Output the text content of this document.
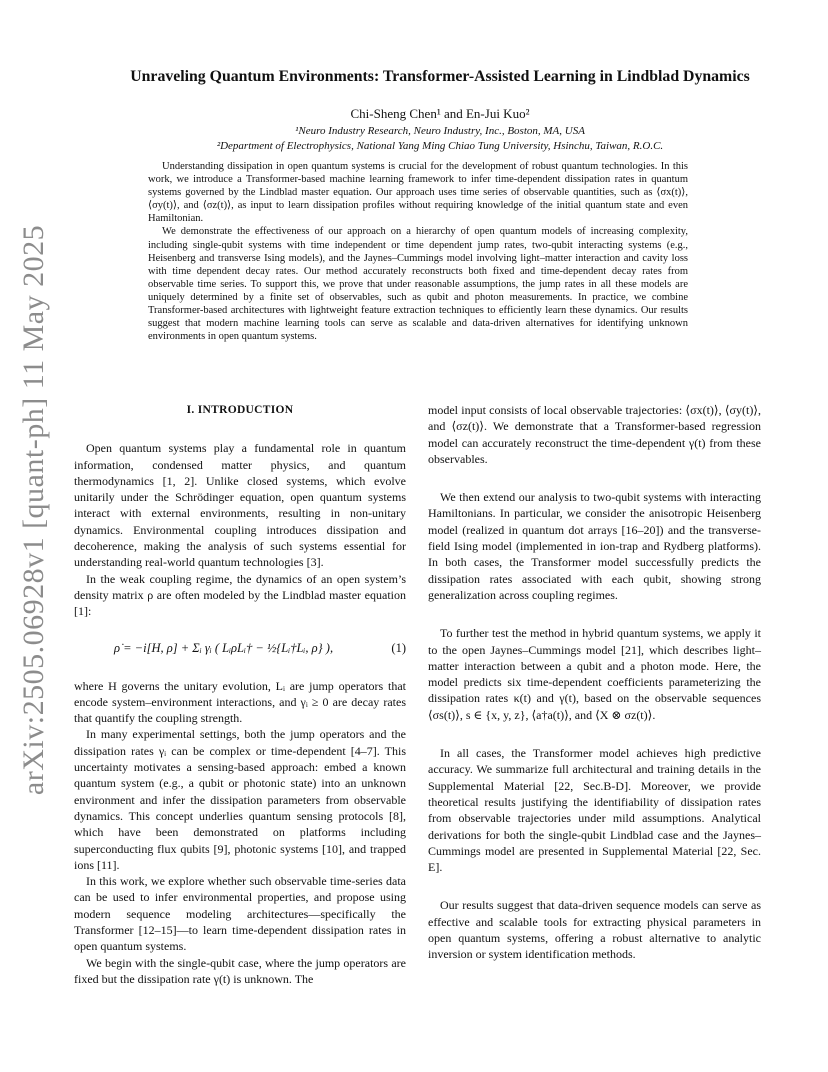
arXiv:2505.06928v1 [quant-ph] 11 May 2025
Unraveling Quantum Environments: Transformer-Assisted Learning in Lindblad Dynamics
Chi-Sheng Chen¹ and En-Jui Kuo²
¹Neuro Industry Research, Neuro Industry, Inc., Boston, MA, USA
²Department of Electrophysics, National Yang Ming Chiao Tung University, Hsinchu, Taiwan, R.O.C.

Understanding dissipation in open quantum systems is crucial for the development of robust quantum technologies. In this work, we introduce a Transformer-based machine learning framework to infer time-dependent dissipation rates in quantum systems governed by the Lindblad master equation. Our approach uses time series of observable quantities, such as ⟨σx(t)⟩, ⟨σy(t)⟩, and ⟨σz(t)⟩, as input to learn dissipation profiles without requiring knowledge of the initial quantum state and even Hamiltonian.

We demonstrate the effectiveness of our approach on a hierarchy of open quantum models of increasing complexity, including single-qubit systems with time independent or time dependent jump rates, two-qubit interacting systems (e.g., Heisenberg and transverse Ising models), and the Jaynes–Cummings model involving light–matter interaction and cavity loss with time dependent decay rates. Our method accurately reconstructs both fixed and time-dependent decay rates from observable time series. To support this, we prove that under reasonable assumptions, the jump rates in all these models are uniquely determined by a finite set of observables, such as qubit and photon measurements. In practice, we combine Transformer-based architectures with lightweight feature extraction techniques to efficiently learn these dynamics. Our results suggest that modern machine learning tools can serve as scalable and data-driven alternatives for identifying unknown environments in open quantum systems.

I. INTRODUCTION

Open quantum systems play a fundamental role in quantum information, condensed matter physics, and quantum thermodynamics [1, 2]. Unlike closed systems, which evolve unitarily under the Schrödinger equation, open quantum systems interact with external environments, resulting in non-unitary dynamics. Environmental coupling introduces dissipation and decoherence, making the analysis of such systems essential for understanding real-world quantum technologies [3].

In the weak coupling regime, the dynamics of an open system’s density matrix ρ are often modeled by the Lindblad master equation [1]:

ρ̇ = −i[H, ρ] + Σᵢ γᵢ ( LᵢρLᵢ† − ½{Lᵢ†Lᵢ, ρ} ),	(1)

where H governs the unitary evolution, Lᵢ are jump operators that encode system–environment interactions, and γᵢ ≥ 0 are decay rates that quantify the coupling strength.

In many experimental settings, both the jump operators and the dissipation rates γᵢ can be complex or time-dependent [4–7]. This uncertainty motivates a sensing-based approach: embed a known quantum system (e.g., a qubit or photonic state) into an unknown environment and infer the dissipation parameters from observable dynamics. This concept underlies quantum sensing protocols [8], which have been demonstrated on platforms including superconducting flux qubits [9], photonic systems [10], and trapped ions [11].

In this work, we explore whether such observable time-series data can be used to infer environmental properties, and propose using modern sequence modeling architectures—specifically the Transformer [12–15]—to learn time-dependent dissipation rates in open quantum systems.

We begin with the single-qubit case, where the jump operators are fixed but the dissipation rate γ(t) is unknown. The

model input consists of local observable trajectories: ⟨σx(t)⟩, ⟨σy(t)⟩, and ⟨σz(t)⟩. We demonstrate that a Transformer-based regression model can accurately reconstruct the time-dependent γ(t) from these observables.

We then extend our analysis to two-qubit systems with interacting Hamiltonians. In particular, we consider the anisotropic Heisenberg model (realized in quantum dot arrays [16–20]) and the transverse-field Ising model (implemented in ion-trap and Rydberg platforms). In both cases, the Transformer model successfully predicts the dissipation rates associated with each qubit, showing strong generalization across coupling regimes.

To further test the method in hybrid quantum systems, we apply it to the open Jaynes–Cummings model [21], which describes light–matter interaction between a qubit and a photon mode. Here, the model predicts six time-dependent coefficients parameterizing the dissipation rates κ(t) and γ(t), based on the observable sequences ⟨σs(t)⟩, s ∈ {x, y, z}, ⟨a†a(t)⟩, and ⟨X ⊗ σz(t)⟩.

In all cases, the Transformer model achieves high predictive accuracy. We summarize full architectural and training details in the Supplemental Material [22, Sec.B-D]. Moreover, we provide theoretical results justifying the identifiability of dissipation rates from observable trajectories under mild assumptions. Analytical derivations for both the single-qubit Lindblad case and the Jaynes–Cummings model are presented in Supplemental Material [22, Sec. E].

Our results suggest that data-driven sequence models can serve as effective and scalable tools for extracting physical parameters in open quantum systems, offering a robust alternative to analytic inversion or system identification methods.
